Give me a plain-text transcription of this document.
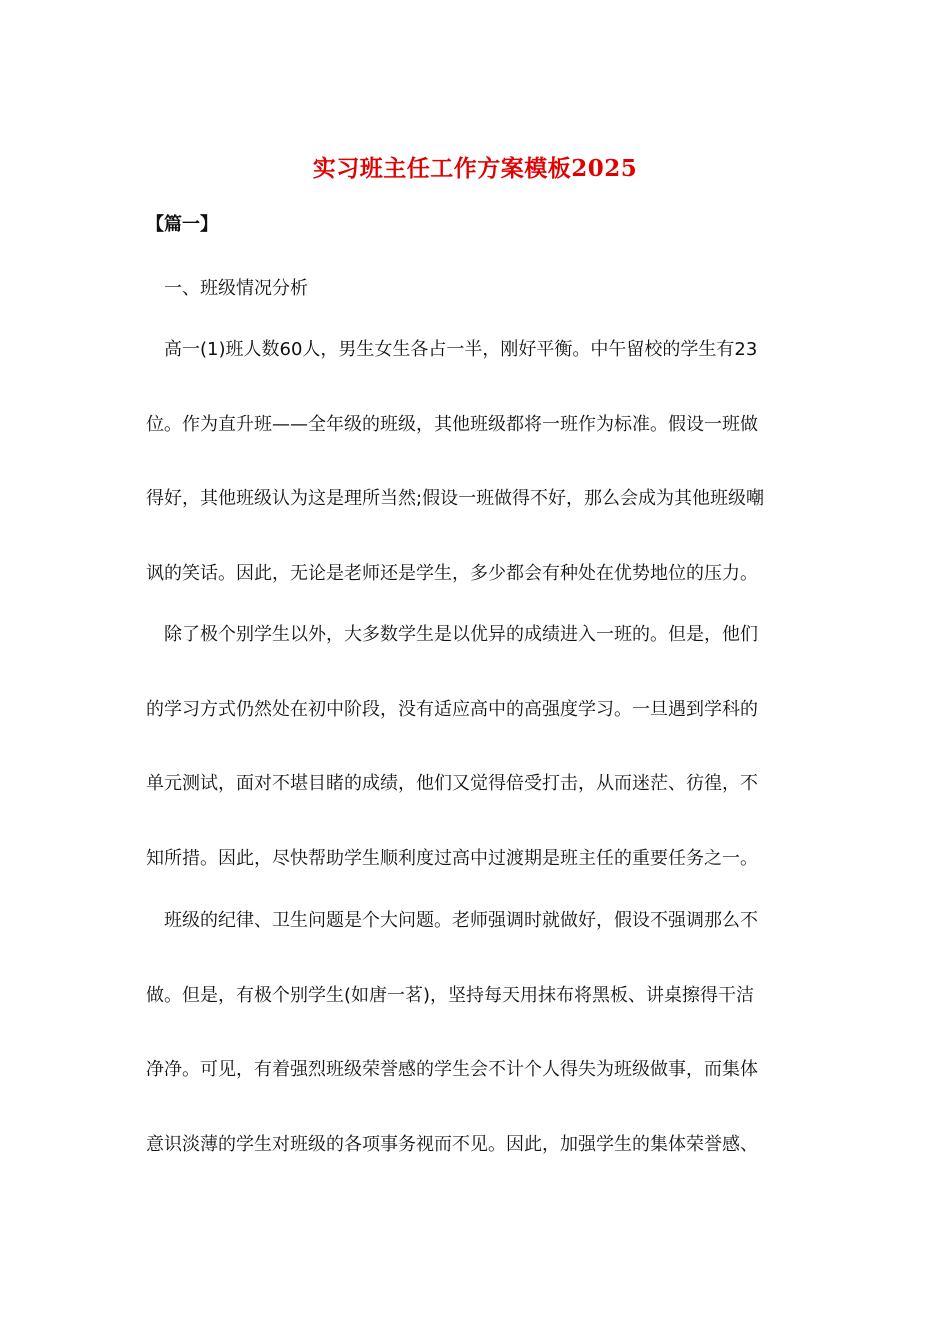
实习班主任工作方案模板2025
【篇一】
一、班级情况分析
高一(1)班人数60人，男生女生各占一半，刚好平衡。中午留校的学生有23
位。作为直升班——全年级的班级，其他班级都将一班作为标准。假设一班做
得好，其他班级认为这是理所当然;假设一班做得不好，那么会成为其他班级嘲
讽的笑话。因此，无论是老师还是学生，多少都会有种处在优势地位的压力。
除了极个别学生以外，大多数学生是以优异的成绩进入一班的。但是，他们
的学习方式仍然处在初中阶段，没有适应高中的高强度学习。一旦遇到学科的
单元测试，面对不堪目睹的成绩，他们又觉得倍受打击，从而迷茫、彷徨，不
知所措。因此，尽快帮助学生顺利度过高中过渡期是班主任的重要任务之一。
班级的纪律、卫生问题是个大问题。老师强调时就做好，假设不强调那么不
做。但是，有极个别学生(如唐一茗)，坚持每天用抹布将黑板、讲桌擦得干洁
净净。可见，有着强烈班级荣誉感的学生会不计个人得失为班级做事，而集体
意识淡薄的学生对班级的各项事务视而不见。因此，加强学生的集体荣誉感、
